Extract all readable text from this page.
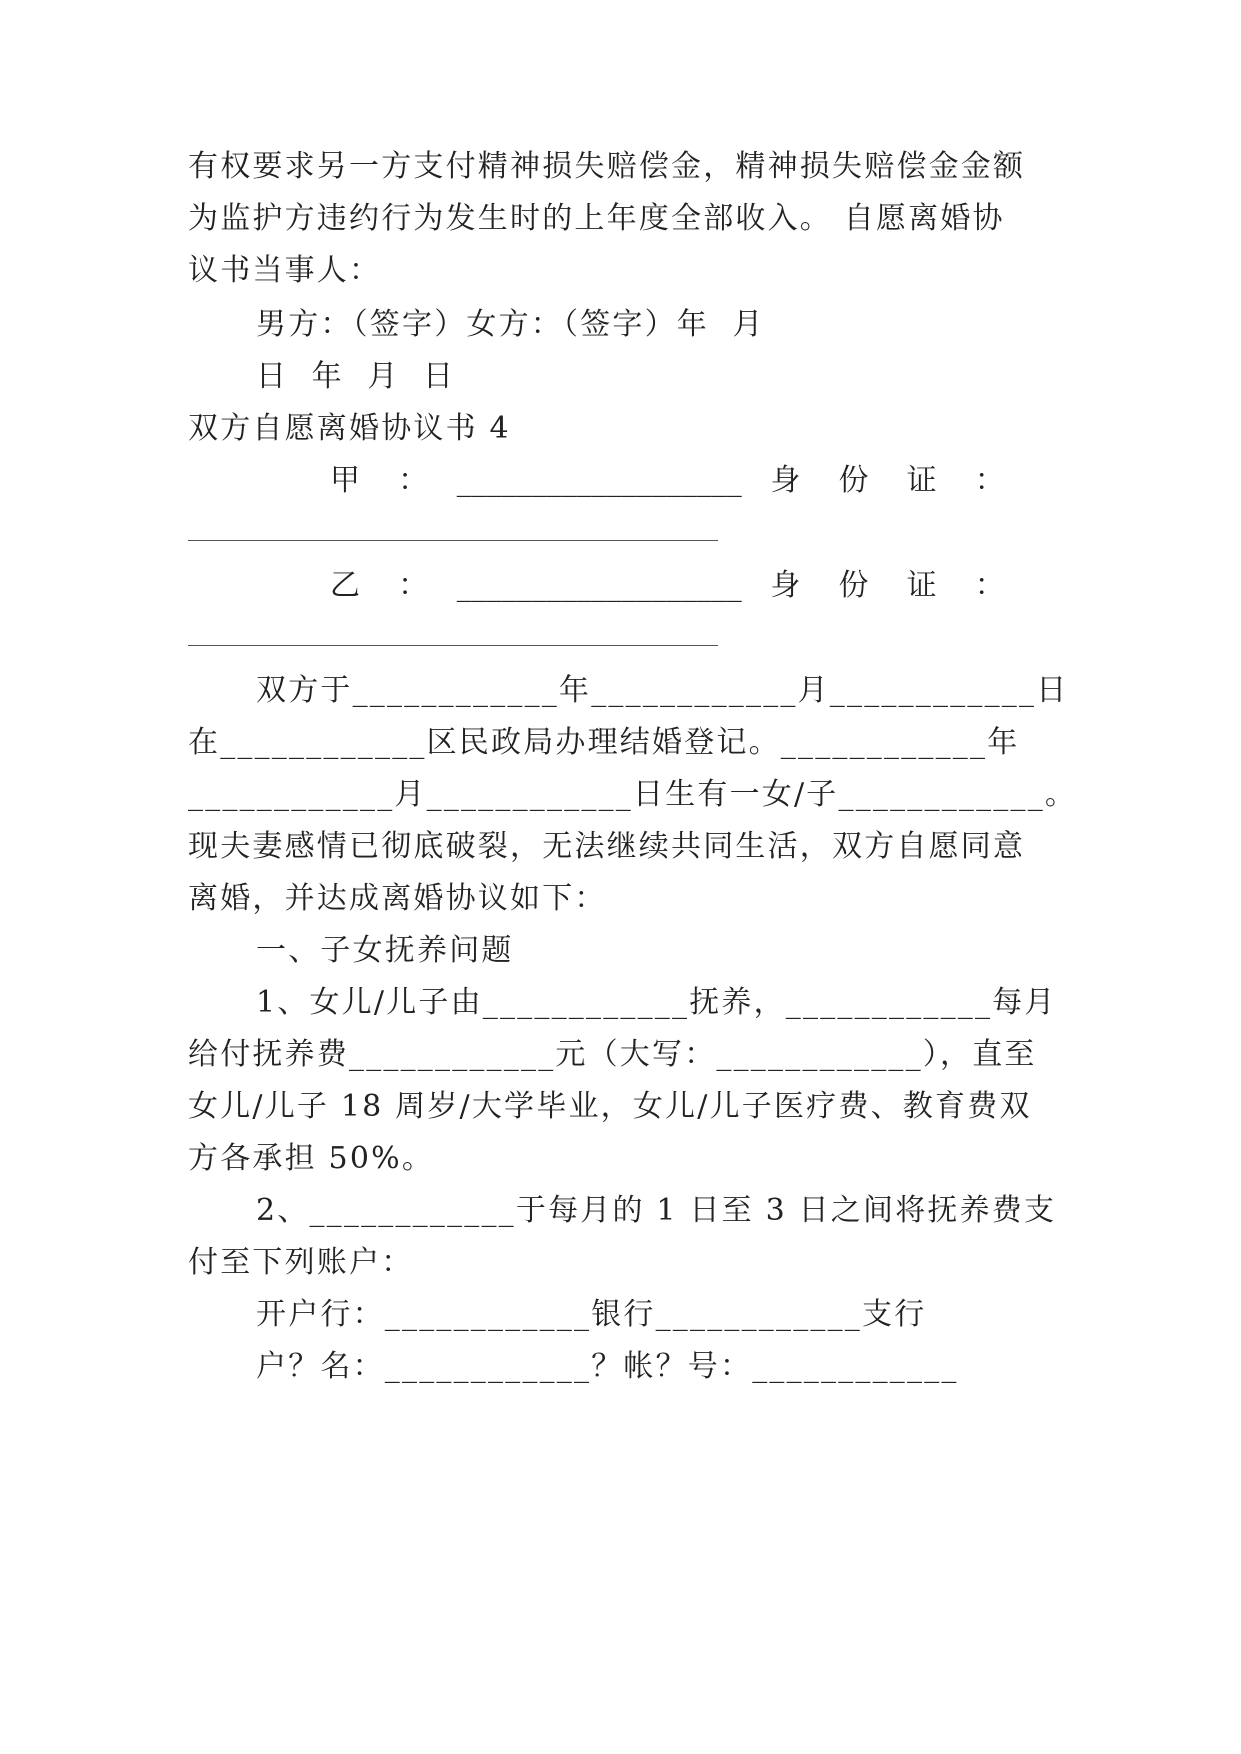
有权要求另一方支付精神损失赔偿金，精神损失赔偿金金额
为监护方违约行为发生时的上年度全部收入。 自愿离婚协
议书当事人：
男方：（签字）女方：（签字）年  月
日  年  月  日
双方自愿离婚协议书 4
甲    ：   ___________________   身    份    证    ：
乙    ：   ___________________   身    份    证    ：
双方于____________年____________月____________日
在____________区民政局办理结婚登记。____________年
____________月____________日生有一女/子____________。
现夫妻感情已彻底破裂，无法继续共同生活，双方自愿同意
离婚，并达成离婚协议如下：
一、子女抚养问题
1、女儿/儿子由____________抚养，____________每月
给付抚养费____________元（大写：____________），直至
女儿/儿子 18 周岁/大学毕业，女儿/儿子医疗费、教育费双
方各承担 50%。
2、____________于每月的 1 日至 3 日之间将抚养费支
付至下列账户：
开户行：____________银行____________支行
户？名：____________？帐？号：____________
